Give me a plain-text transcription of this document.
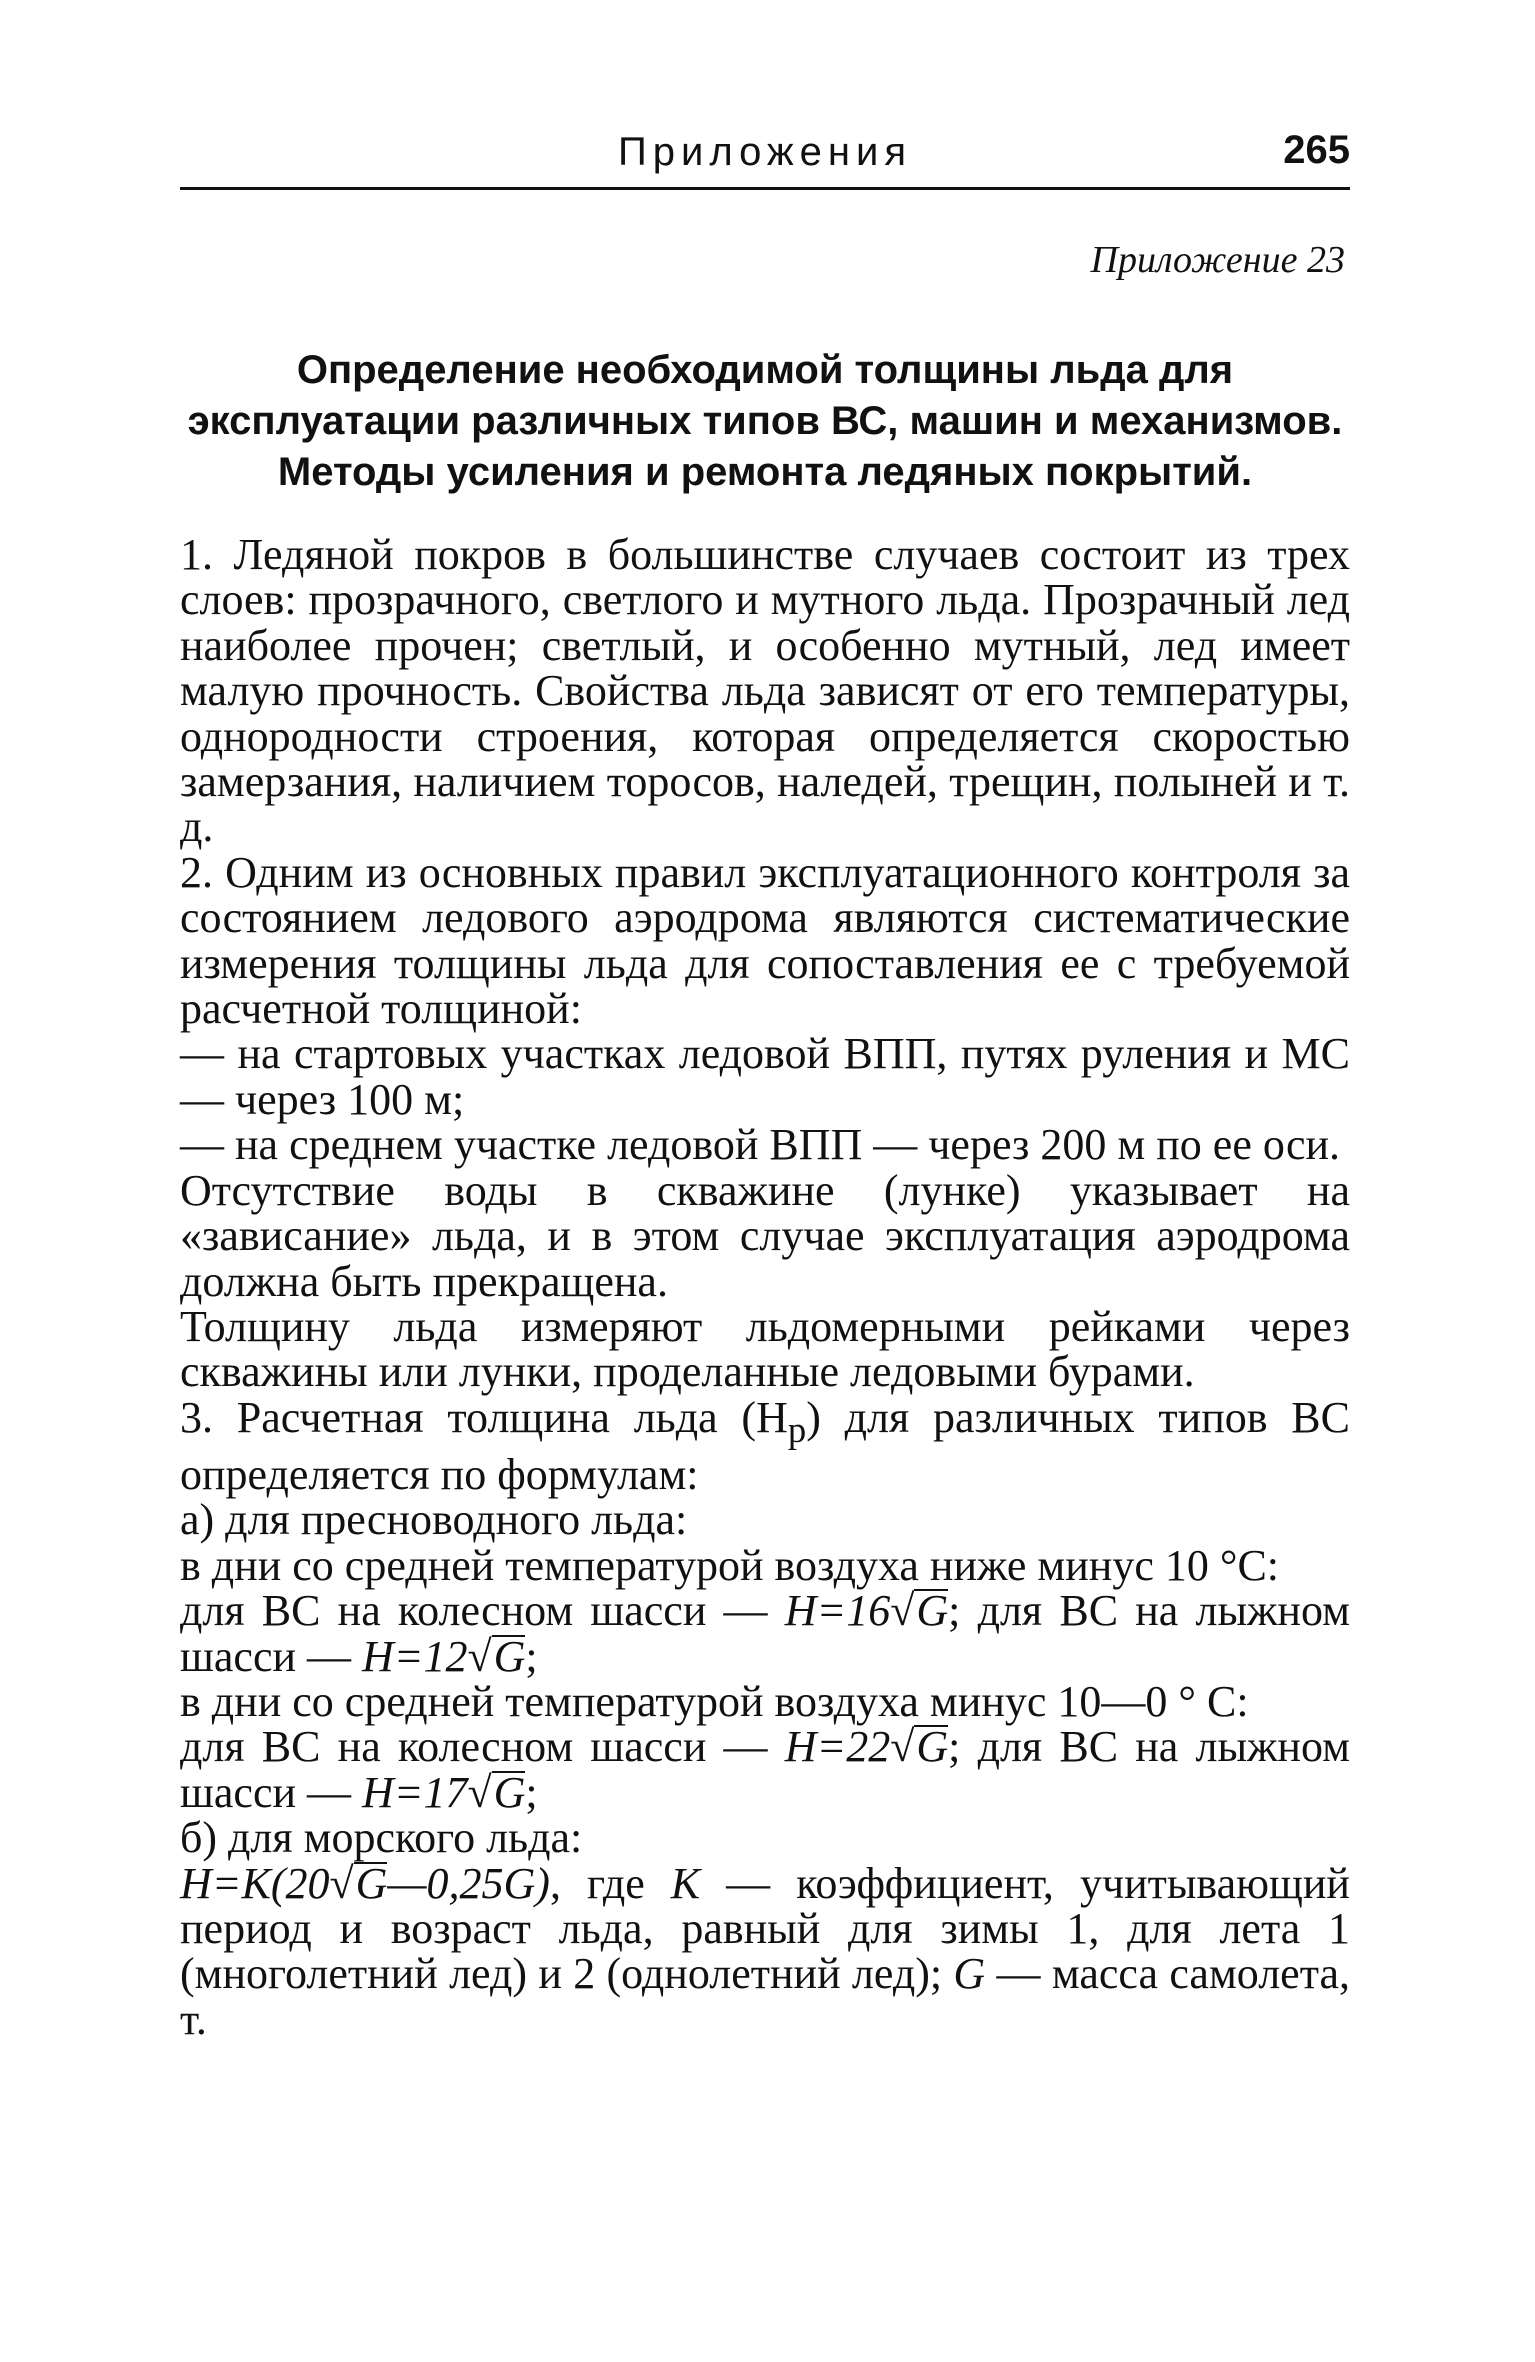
Приложения	265
Приложение 23
Определение необходимой толщины льда для
эксплуатации различных типов ВС, машин и механизмов.
Методы усиления и ремонта ледяных покрытий.

1. Ледяной покров в большинстве случаев состоит из трех слоев: прозрачного, светлого и мутного льда. Прозрачный лед наиболее прочен; светлый, и особенно мутный, лед имеет малую прочность. Свойства льда зависят от его температуры, однородности строения, которая определяется скоростью замерзания, наличием торосов, наледей, трещин, полыней и т. д.

2. Одним из основных правил эксплуатационного контроля за состоянием ледового аэродрома являются систематические измерения толщины льда для сопоставления ее с требуемой расчетной толщиной:

— на стартовых участках ледовой ВПП, путях руления и МС — через 100 м;

— на среднем участке ледовой ВПП — через 200 м по ее оси.

Отсутствие воды в скважине (лунке) указывает на «зависание» льда, и в этом случае эксплуатация аэродрома должна быть прекращена.

Толщину льда измеряют льдомерными рейками через скважины или лунки, проделанные ледовыми бурами.

3. Расчетная толщина льда $(H_р)$ для различных типов ВС определяется по формулам:

а) для пресноводного льда:

в дни со средней температурой воздуха ниже минус 10 °C:

для ВС на колесном шасси — H=16√G; для ВС на лыжном шасси — H=12√G;

в дни со средней температурой воздуха минус 10—0 ° С:

для ВС на колесном шасси — H=22√G; для ВС на лыжном шасси — H=17√G;

б) для морского льда:

H=K(20√G—0,25G), где K — коэффициент, учитывающий период и возраст льда, равный для зимы 1, для лета 1 (многолетний лед) и 2 (однолетний лед); G — масса самолета, т.
